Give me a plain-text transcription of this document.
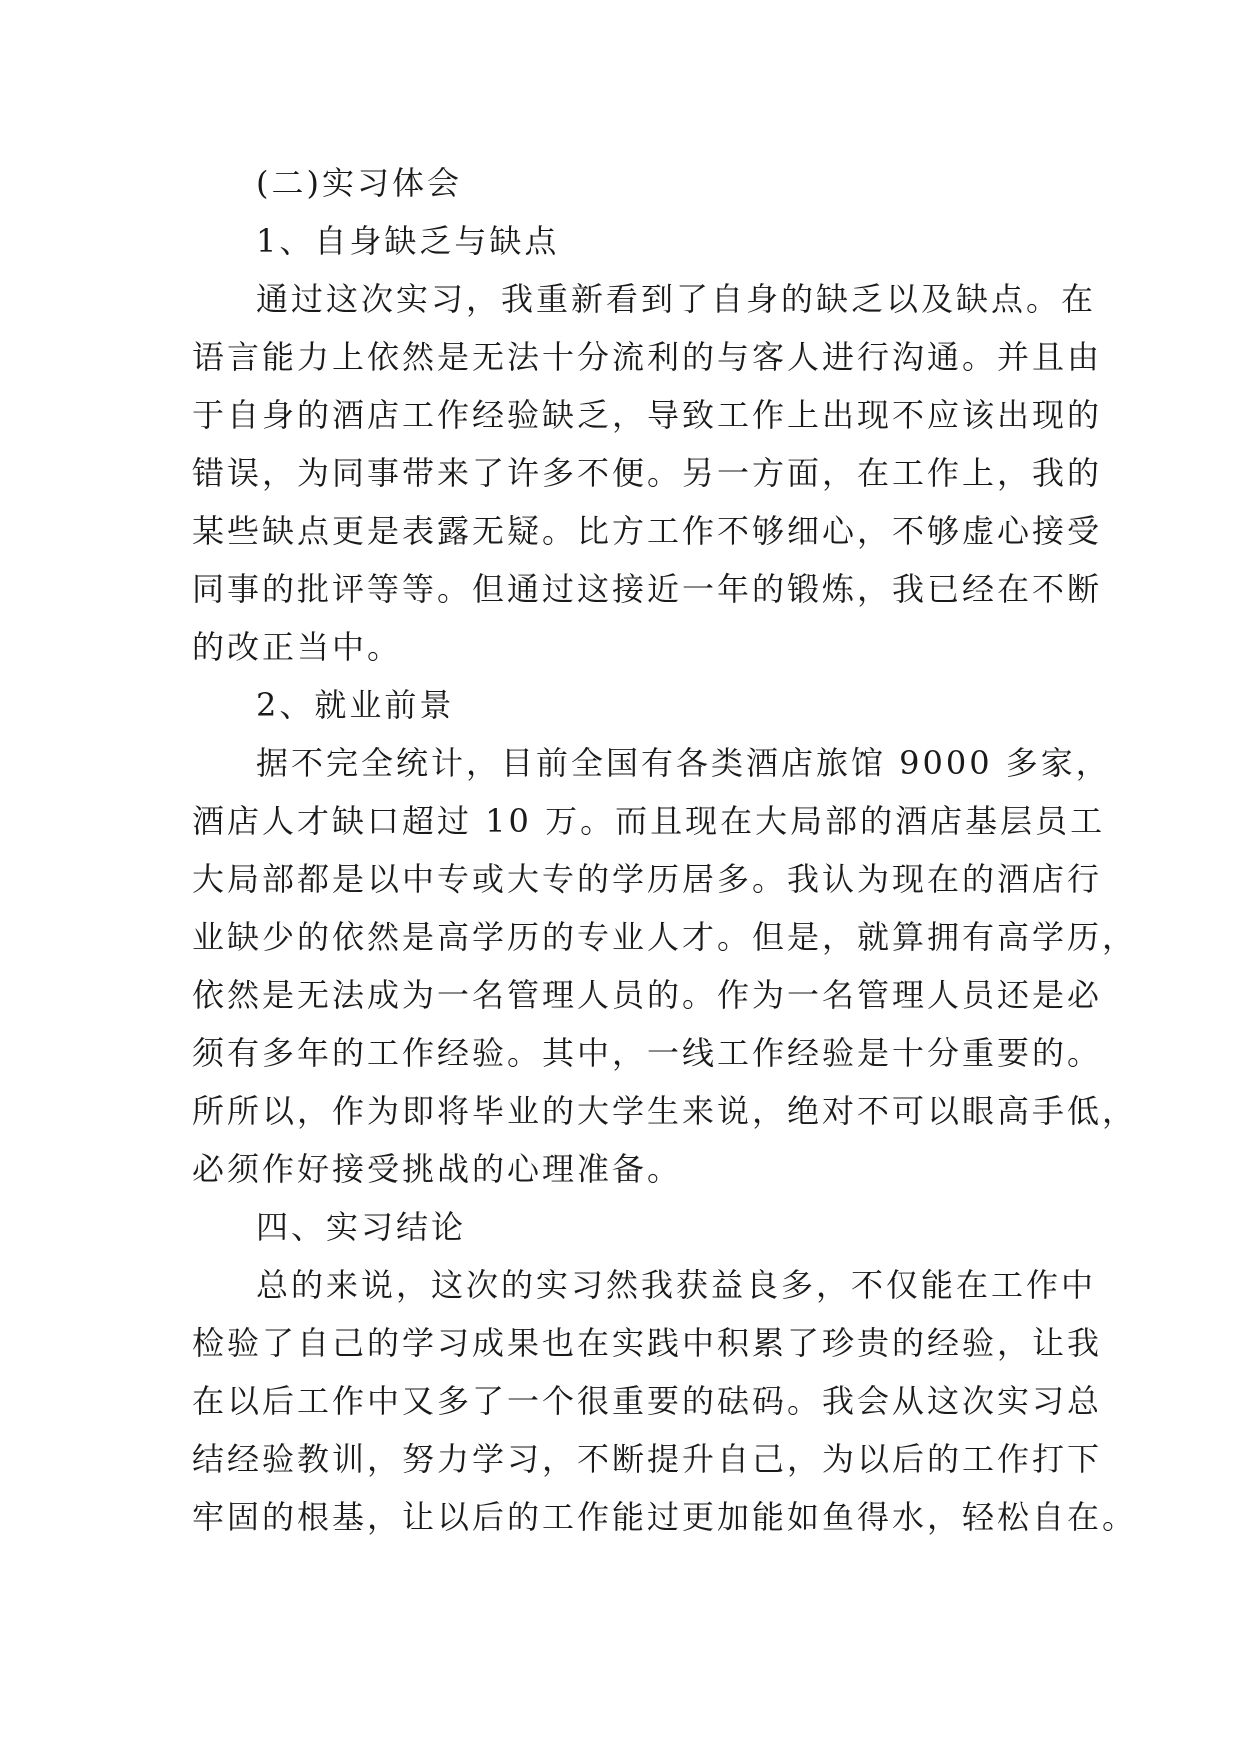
(二)实习体会
1、自身缺乏与缺点
通过这次实习，我重新看到了自身的缺乏以及缺点。在
语言能力上依然是无法十分流利的与客人进行沟通。并且由
于自身的酒店工作经验缺乏，导致工作上出现不应该出现的
错误，为同事带来了许多不便。另一方面，在工作上，我的
某些缺点更是表露无疑。比方工作不够细心，不够虚心接受
同事的批评等等。但通过这接近一年的锻炼，我已经在不断
的改正当中。
2、就业前景
据不完全统计，目前全国有各类酒店旅馆 9000 多家，
酒店人才缺口超过 10 万。而且现在大局部的酒店基层员工
大局部都是以中专或大专的学历居多。我认为现在的酒店行
业缺少的依然是高学历的专业人才。但是，就算拥有高学历，
依然是无法成为一名管理人员的。作为一名管理人员还是必
须有多年的工作经验。其中，一线工作经验是十分重要的。
所所以，作为即将毕业的大学生来说，绝对不可以眼高手低，
必须作好接受挑战的心理准备。
四、实习结论
总的来说，这次的实习然我获益良多，不仅能在工作中
检验了自己的学习成果也在实践中积累了珍贵的经验，让我
在以后工作中又多了一个很重要的砝码。我会从这次实习总
结经验教训，努力学习，不断提升自己，为以后的工作打下
牢固的根基，让以后的工作能过更加能如鱼得水，轻松自在。
